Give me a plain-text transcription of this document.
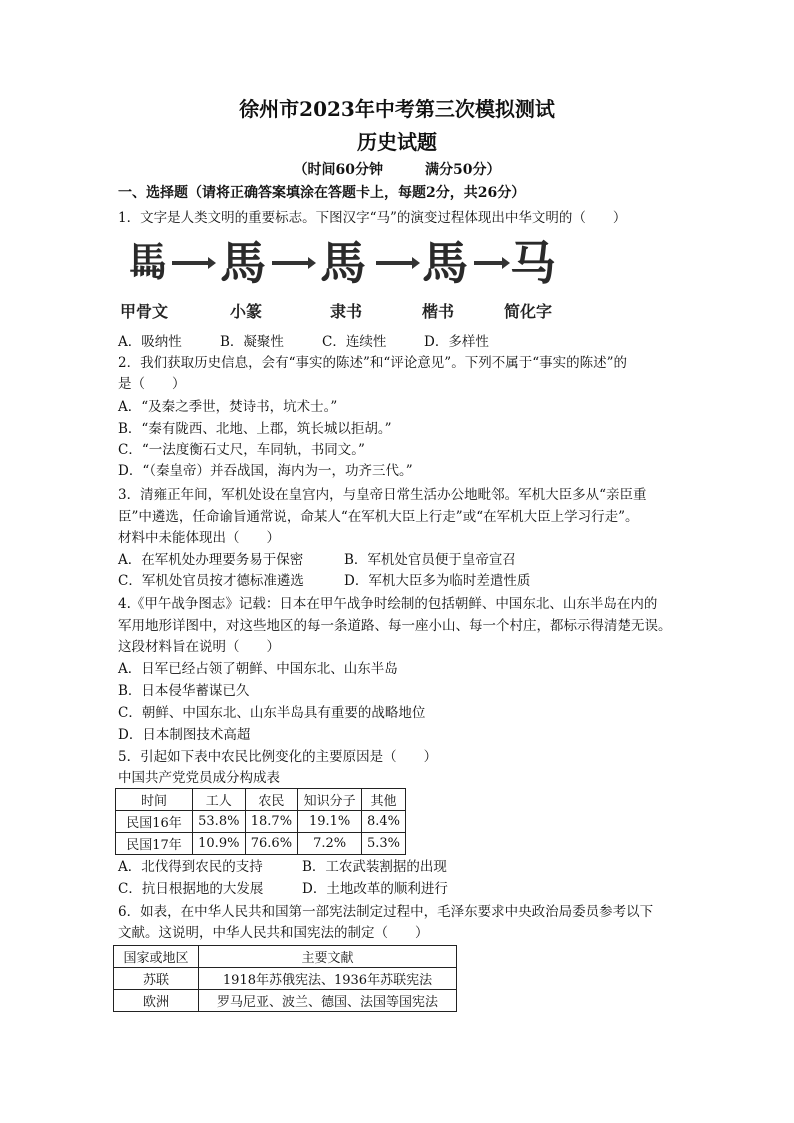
徐州市2023年中考第三次模拟测试
历史试题
（时间60分钟　　　满分50分）
一、选择题（请将正确答案填涂在答题卡上，每题2分，共26分）
1．文字是人类文明的重要标志。下图汉字“马”的演变过程体现出中华文明的（　　）
𩡧 馬 馬 馬 马
甲骨文	小篆	隶书	楷书	简化字
A．吸纳性	B．凝聚性	C．连续性	D．多样性
2．我们获取历史信息，会有“事实的陈述”和“评论意见”。下列不属于“事实的陈述”的
是（　　）
A．“及秦之季世，焚诗书，坑术士。”
B．“秦有陇西、北地、上郡，筑长城以拒胡。”
C．“一法度衡石丈尺，车同轨，书同文。”
D．“（秦皇帝）并吞战国，海内为一，功齐三代。”
3．清雍正年间，军机处设在皇宫内，与皇帝日常生活办公地毗邻。军机大臣多从“亲臣重
臣”中遴选，任命谕旨通常说，命某人“在军机大臣上行走”或“在军机大臣上学习行走”。
材料中未能体现出（　　）
A．在军机处办理要务易于保密	B．军机处官员便于皇帝宣召
C．军机处官员按才德标准遴选	D．军机大臣多为临时差遣性质
4.《甲午战争图志》记载：日本在甲午战争时绘制的包括朝鲜、中国东北、山东半岛在内的
军用地形详图中，对这些地区的每一条道路、每一座小山、每一个村庄，都标示得清楚无误。
这段材料旨在说明（　　）
A．日军已经占领了朝鲜、中国东北、山东半岛
B．日本侵华蓄谋已久
C．朝鲜、中国东北、山东半岛具有重要的战略地位
D．日本制图技术高超
5．引起如下表中农民比例变化的主要原因是（　　）
中国共产党党员成分构成表
时间	工人	农民	知识分子	其他
民国16年	53.8%	18.7%	19.1%	8.4%
民国17年	10.9%	76.6%	7.2%	5.3%
A．北伐得到农民的支持	B．工农武装割据的出现
C．抗日根据地的大发展	D．土地改革的顺利进行
6．如表，在中华人民共和国第一部宪法制定过程中，毛泽东要求中央政治局委员参考以下
文献。这说明，中华人民共和国宪法的制定（　　）
国家或地区	主要文献
苏联	1918年苏俄宪法、1936年苏联宪法
欧洲	罗马尼亚、波兰、德国、法国等国宪法
